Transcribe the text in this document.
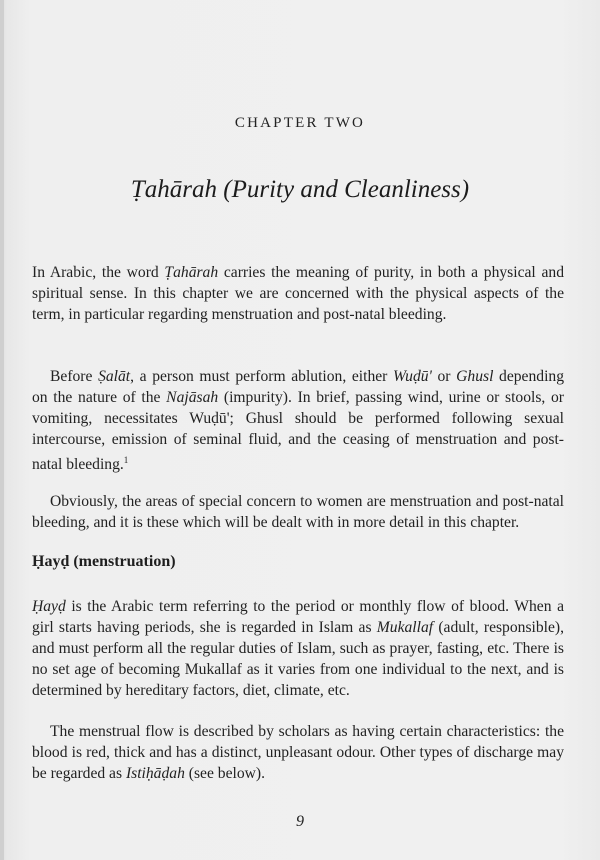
CHAPTER TWO
Ṭahārah (Purity and Cleanliness)

In Arabic, the word Ṭahārah carries the meaning of purity, in both a physical and spiritual sense. In this chapter we are concerned with the physical aspects of the term, in particular regarding menstruation and post-natal bleeding.

Before Ṣalāt, a person must perform ablution, either Wuḍū' or Ghusl depending on the nature of the Najāsah (impurity). In brief, passing wind, urine or stools, or vomiting, necessitates Wuḍū'; Ghusl should be performed following sexual intercourse, emission of seminal fluid, and the ceasing of menstruation and post-natal bleeding.$^1$

Obviously, the areas of special concern to women are menstruation and post-natal bleeding, and it is these which will be dealt with in more detail in this chapter.

Ḥayḍ (menstruation)

Ḥayḍ is the Arabic term referring to the period or monthly flow of blood. When a girl starts having periods, she is regarded in Islam as Mukallaf (adult, responsible), and must perform all the regular duties of Islam, such as prayer, fasting, etc. There is no set age of becoming Mukallaf as it varies from one individual to the next, and is determined by hereditary factors, diet, climate, etc.

The menstrual flow is described by scholars as having certain characteristics: the blood is red, thick and has a distinct, unpleasant odour. Other types of discharge may be regarded as Istiḥāḍah (see below).

9
